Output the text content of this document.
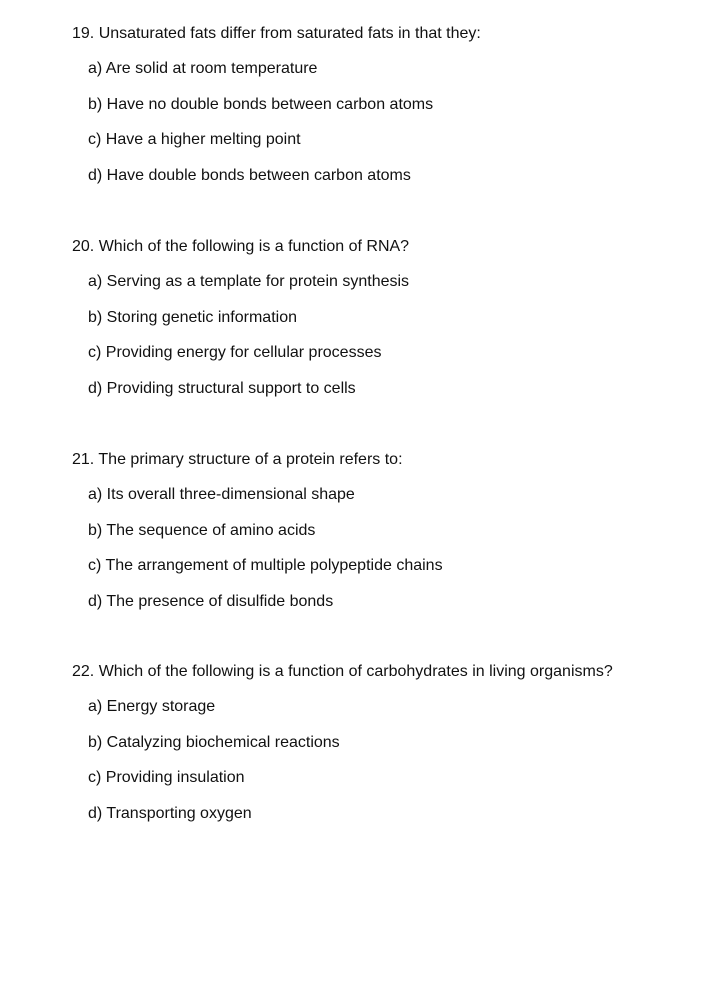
19. Unsaturated fats differ from saturated fats in that they:

a) Are solid at room temperature
b) Have no double bonds between carbon atoms
c) Have a higher melting point
d) Have double bonds between carbon atoms

20. Which of the following is a function of RNA?

a) Serving as a template for protein synthesis
b) Storing genetic information
c) Providing energy for cellular processes
d) Providing structural support to cells

21. The primary structure of a protein refers to:

a) Its overall three-dimensional shape
b) The sequence of amino acids
c) The arrangement of multiple polypeptide chains
d) The presence of disulfide bonds

22. Which of the following is a function of carbohydrates in living organisms?

a) Energy storage
b) Catalyzing biochemical reactions
c) Providing insulation
d) Transporting oxygen
